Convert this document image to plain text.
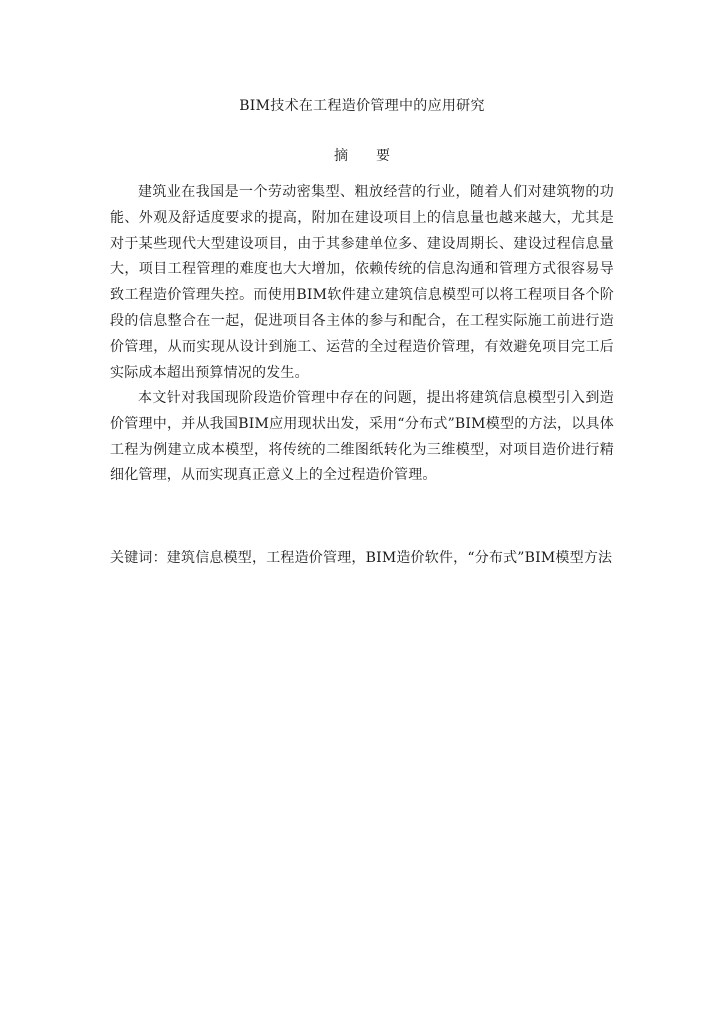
BIM技术在工程造价管理中的应用研究
摘要

建筑业在我国是一个劳动密集型、粗放经营的行业，随着人们对建筑物的功能、外观及舒适度要求的提高，附加在建设项目上的信息量也越来越大，尤其是对于某些现代大型建设项目，由于其参建单位多、建设周期长、建设过程信息量大，项目工程管理的难度也大大增加，依赖传统的信息沟通和管理方式很容易导致工程造价管理失控。而使用BIM软件建立建筑信息模型可以将工程项目各个阶段的信息整合在一起，促进项目各主体的参与和配合，在工程实际施工前进行造价管理，从而实现从设计到施工、运营的全过程造价管理，有效避免项目完工后实际成本超出预算情况的发生。

本文针对我国现阶段造价管理中存在的问题，提出将建筑信息模型引入到造价管理中，并从我国BIM应用现状出发，采用“分布式”BIM模型的方法，以具体工程为例建立成本模型，将传统的二维图纸转化为三维模型，对项目造价进行精细化管理，从而实现真正意义上的全过程造价管理。

关键词：建筑信息模型，工程造价管理，BIM造价软件，“分布式”BIM模型方法
